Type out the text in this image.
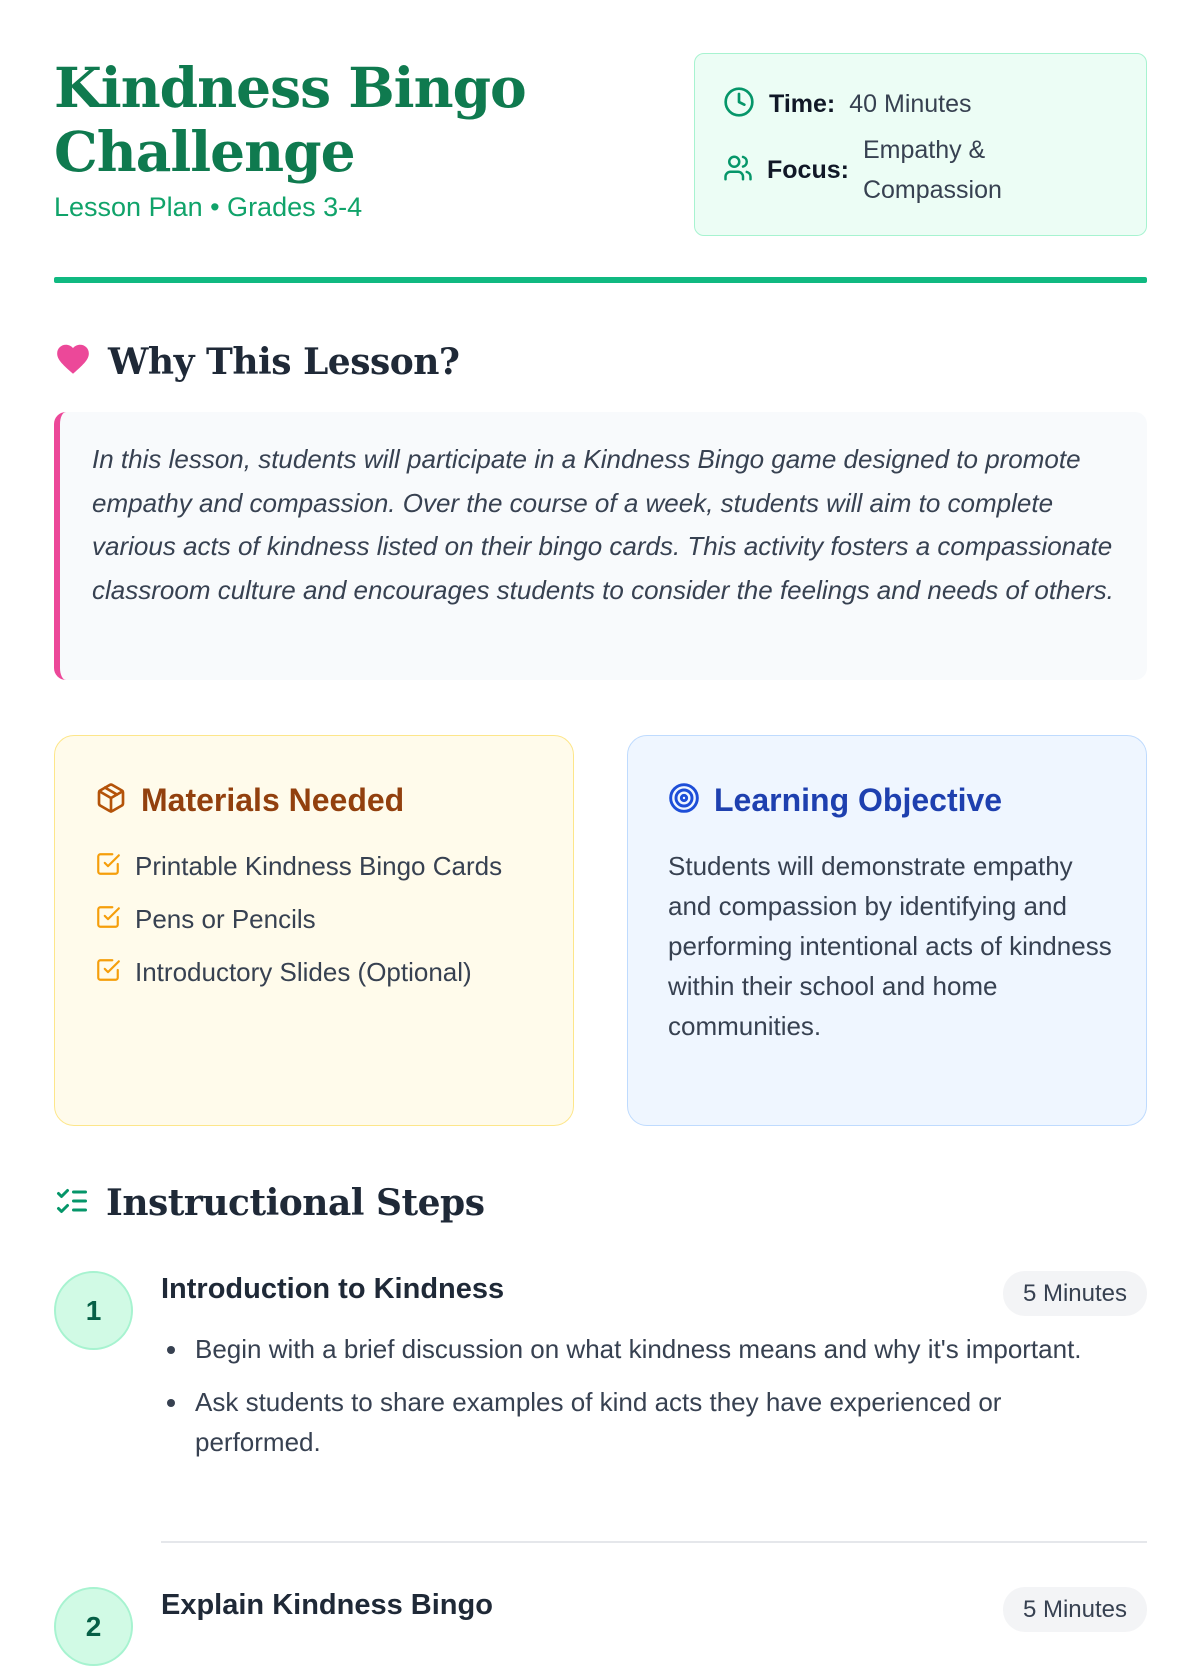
Kindness Bingo Challenge
Lesson Plan • Grades 3-4
Time: 40 Minutes
Focus:
Empathy & Compassion
Why This Lesson?

In this lesson, students will participate in a Kindness Bingo game designed to promote empathy and compassion. Over the course of a week, students will aim to complete various acts of kindness listed on their bingo cards. This activity fosters a compassionate classroom culture and encourages students to consider the feelings and needs of others.

Materials Needed
Printable Kindness Bingo Cards
Pens or Pencils
Introductory Slides (Optional)
Learning Objective

Students will demonstrate empathy and compassion by identifying and performing intentional acts of kindness within their school and home communities.

Instructional Steps
1
Introduction to Kindness	5 Minutes
Begin with a brief discussion on what kindness means and why it's important.
Ask students to share examples of kind acts they have experienced or performed.
2
Explain Kindness Bingo	5 Minutes
